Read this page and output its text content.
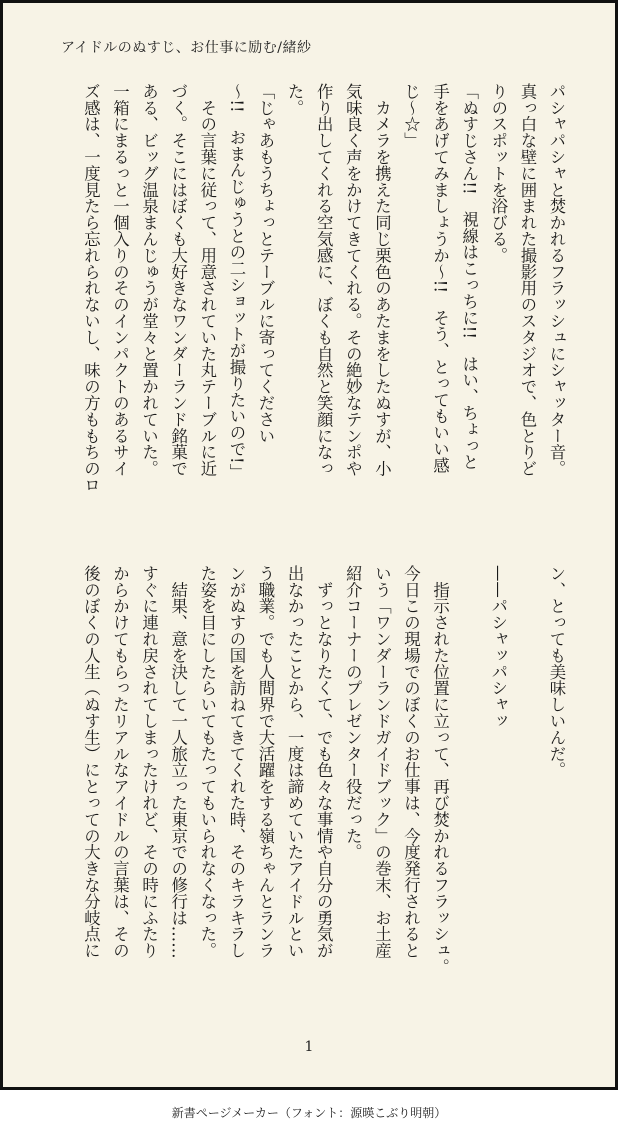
アイドルのぬすじ、お仕事に励む/緒紗
パシャパシャと焚かれるフラッシュにシャッター音。
真っ白な壁に囲まれた撮影用のスタジオで、色とりど
りのスポットを浴びる。
「ぬすじさん!!　視線はこっちに!!　はい、ちょっと
手をあげてみましょうか〜!!　そう、とってもいい感
じ〜☆」
　カメラを携えた同じ栗色のあたまをしたぬすが、小
気味良く声をかけてきてくれる。その絶妙なテンポや
作り出してくれる空気感に、ぼくも自然と笑顔になっ
た。
「じゃあもうちょっとテーブルに寄ってください
〜!!　おまんじゅうとの二ショットが撮りたいので!」
　その言葉に従って、用意されていた丸テーブルに近
づく。そこにはぼくも大好きなワンダーランド銘菓で
ある、ビッグ温泉まんじゅうが堂々と置かれていた。
一箱にまるっと一個入りのそのインパクトのあるサイ
ズ感は、一度見たら忘れられないし、味の方ももちのロ
ン、とっても美味しいんだ。
——パシャッパシャッ
　指示された位置に立って、再び焚かれるフラッシュ。
今日この現場でのぼくのお仕事は、今度発行されると
いう「ワンダーランドガイドブック」の巻末、お土産
紹介コーナーのプレゼンター役だった。
　ずっとなりたくて、でも色々な事情や自分の勇気が
出なかったことから、一度は諦めていたアイドルとい
う職業。でも人間界で大活躍をする嶺ちゃんとランラ
ンがぬすの国を訪ねてきてくれた時、そのキラキラし
た姿を目にしたらいてもたってもいられなくなった。
　結果、意を決して一人旅立った東京での修行は……
すぐに連れ戻されてしまったけれど、その時にふたり
からかけてもらったリアルなアイドルの言葉は、その
後のぼくの人生（ぬす生）にとっての大きな分岐点に
1
新書ページメーカー（フォント：源暎こぶり明朝）
